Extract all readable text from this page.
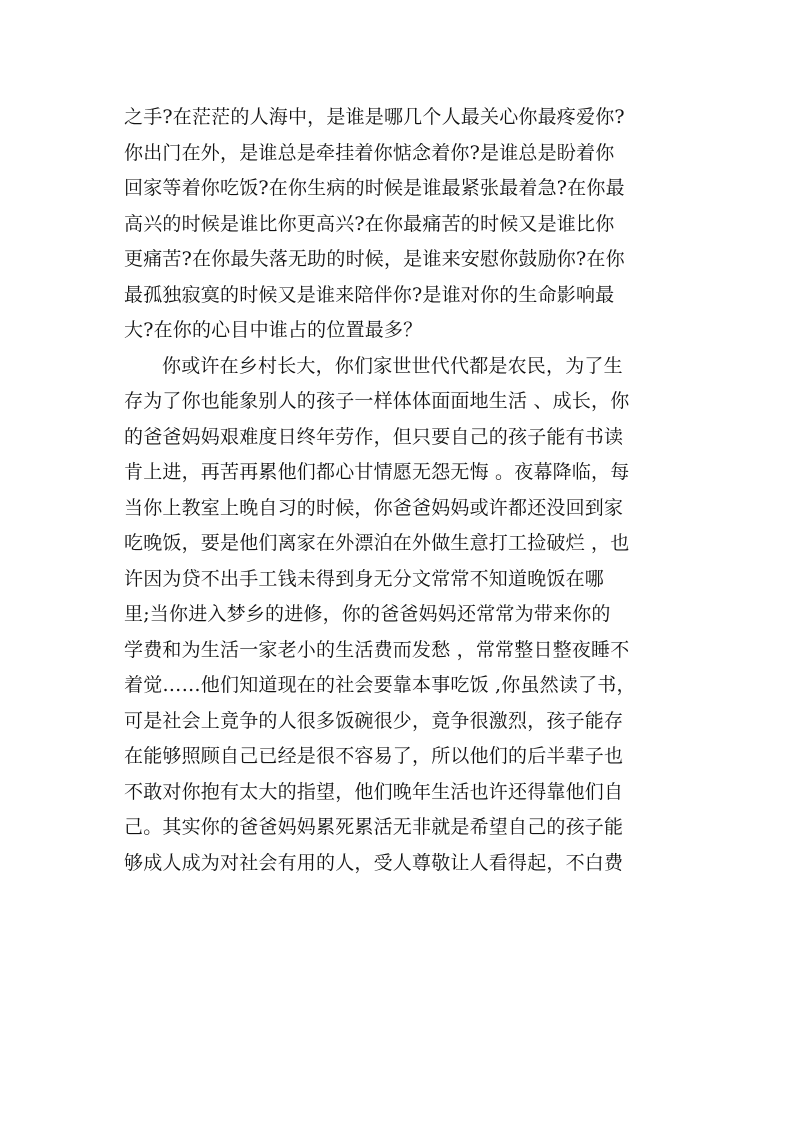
之手?在茫茫的人海中，是谁是哪几个人最关心你最疼爱你?
你出门在外，是谁总是牵挂着你惦念着你?是谁总是盼着你
回家等着你吃饭?在你生病的时候是谁最紧张最着急?在你最
高兴的时候是谁比你更高兴?在你最痛苦的时候又是谁比你
更痛苦?在你最失落无助的时候，是谁来安慰你鼓励你?在你
最孤独寂寞的时候又是谁来陪伴你?是谁对你的生命影响最
大?在你的心目中谁占的位置最多？
你或许在乡村长大，你们家世世代代都是农民，为了生
存为了你也能象别人的孩子一样体体面面地生活 、成长，你
的爸爸妈妈艰难度日终年劳作，但只要自己的孩子能有书读
肯上进，再苦再累他们都心甘情愿无怨无悔 。夜幕降临，每
当你上教室上晚自习的时候，你爸爸妈妈或许都还没回到家
吃晚饭，要是他们离家在外漂泊在外做生意打工捡破烂 ，也
许因为贷不出手工钱未得到身无分文常常不知道晚饭在哪
里;当你进入梦乡的进修，你的爸爸妈妈还常常为带来你的
学费和为生活一家老小的生活费而发愁 ，常常整日整夜睡不
着觉……他们知道现在的社会要靠本事吃饭 ,你虽然读了书，
可是社会上竟争的人很多饭碗很少，竟争很激烈，孩子能存
在能够照顾自己已经是很不容易了，所以他们的后半辈子也
不敢对你抱有太大的指望，他们晚年生活也许还得靠他们自
己。其实你的爸爸妈妈累死累活无非就是希望自己的孩子能
够成人成为对社会有用的人，受人尊敬让人看得起，不白费
